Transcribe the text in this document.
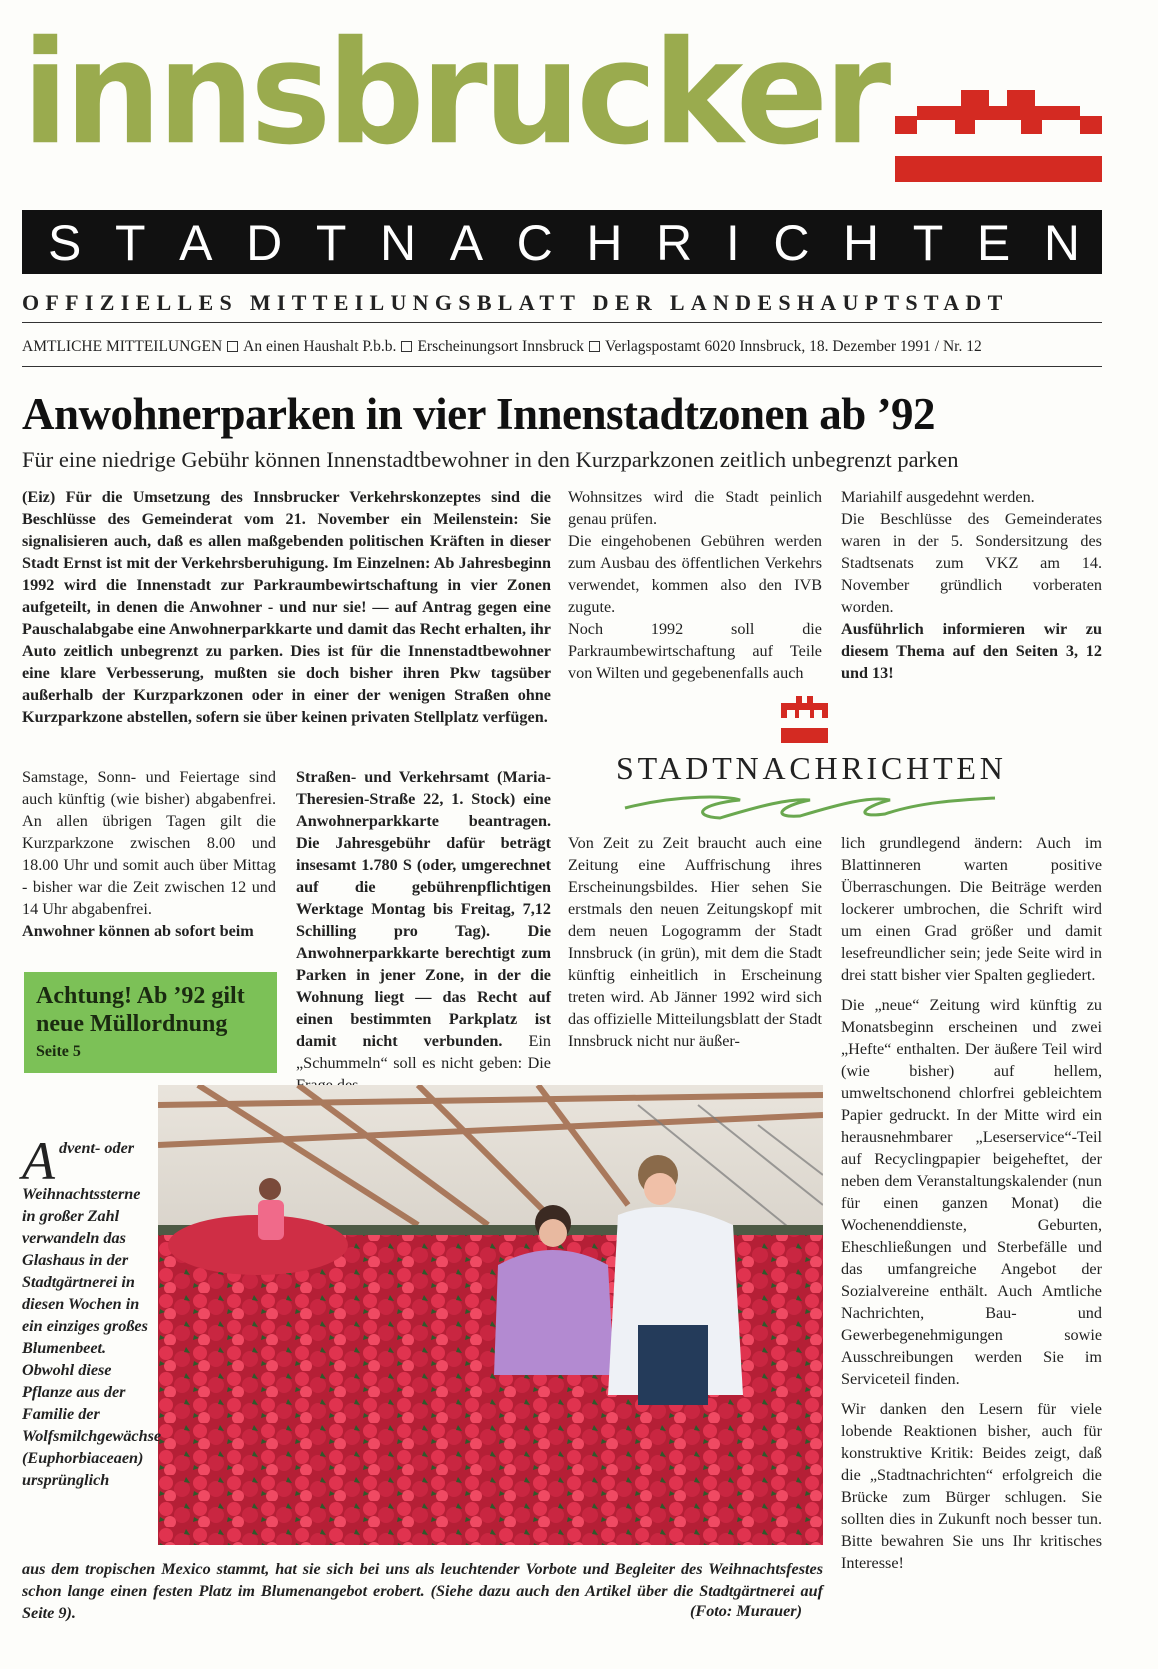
innsbrucker
S T A D T N A C H R I C H T E N
OFFIZIELLES MITTEILUNGSBLATT DER LANDESHAUPTSTADT
AMTLICHE MITTEILUNGEN An einen Haushalt P.b.b. Erscheinungsort Innsbruck Verlagspostamt 6020 Innsbruck, 18. Dezember 1991 / Nr. 12
Anwohnerparken in vier Innenstadtzonen ab ’92
Für eine niedrige Gebühr können Innenstadtbewohner in den Kurzparkzonen zeitlich unbegrenzt parken
(Eiz) Für die Umsetzung des Innsbrucker Verkehrskonzeptes sind die Beschlüsse des Gemeinderat vom 21. November ein Meilenstein: Sie signalisieren auch, daß es allen maßgebenden politischen Kräften in dieser Stadt Ernst ist mit der Verkehrsberuhigung. Im Einzelnen: Ab Jahresbeginn 1992 wird die Innenstadt zur Parkraumbewirtschaftung in vier Zonen aufgeteilt, in denen die Anwohner - und nur sie! — auf Antrag gegen eine Pauschalabgabe eine Anwohnerparkkarte und damit das Recht erhalten, ihr Auto zeitlich unbegrenzt zu parken. Dies ist für die Innenstadtbewohner eine klare Verbesserung, mußten sie doch bisher ihren Pkw tagsüber außerhalb der Kurzparkzonen oder in einer der wenigen Straßen ohne Kurzparkzone abstellen, sofern sie über keinen privaten Stellplatz verfügen.

Wohnsitzes wird die Stadt peinlich genau prüfen.

Die eingehobenen Gebühren werden zum Ausbau des öffentlichen Verkehrs verwendet, kommen also den IVB zugute.

Noch 1992 soll die Parkraumbewirtschaftung auf Teile von Wilten und gegebenenfalls auch

Mariahilf ausgedehnt werden.

Die Beschlüsse des Gemeinderates waren in der 5. Sondersitzung des Stadtsenats zum VKZ am 14. November gründlich vorberaten worden.

Ausführlich informieren wir zu diesem Thema auf den Seiten 3, 12 und 13!

Samstage, Sonn- und Feiertage sind auch künftig (wie bisher) abgabenfrei. An allen übrigen Tagen gilt die Kurzparkzone zwischen 8.00 und 18.00 Uhr und somit auch über Mittag - bisher war die Zeit zwischen 12 und 14 Uhr abgabenfrei.

Anwohner können ab sofort beim

Straßen- und Verkehrsamt (Maria-Theresien-Straße 22, 1. Stock) eine Anwohnerparkkarte beantragen. Die Jahresgebühr dafür beträgt insesamt 1.780 S (oder, umgerechnet auf die gebührenpflichtigen Werktage Montag bis Freitag, 7,12 Schilling pro Tag). Die Anwohnerparkkarte berechtigt zum Parken in jener Zone, in der die Wohnung liegt — das Recht auf einen bestimmten Parkplatz ist damit nicht verbunden. Ein „Schummeln“ soll es nicht geben: Die
Achtung! Ab ’92 gilt neue Müllordnung
Seite 5
STADTNACHRICHTEN
Von Zeit zu Zeit braucht auch eine Zeitung eine Auffrischung ihres Erscheinungsbildes. Hier sehen Sie erstmals den neuen Zeitungskopf mit dem neuen Logogramm der Stadt Innsbruck (in grün), mit dem die Stadt künftig einheitlich in Erscheinung treten wird. Ab Jänner 1992 wird sich das offizielle Mitteilungsblatt der Stadt Innsbruck nicht nur äußer-

lich grundlegend ändern: Auch im Blattinneren warten positive Überraschungen. Die Beiträge werden lockerer umbrochen, die Schrift wird um einen Grad größer und damit lesefreundlicher sein; jede Seite wird in drei statt bisher vier Spalten gegliedert.

Die „neue“ Zeitung wird künftig zu Monatsbeginn erscheinen und zwei „Hefte“ enthalten. Der äußere Teil wird (wie bisher) auf hellem, umweltschonend chlorfrei gebleichtem Papier gedruckt. In der Mitte wird ein herausnehmbarer „Leserservice“-Teil auf Recyclingpapier beigeheftet, der neben dem Veranstaltungskalender (nun für einen ganzen Monat) die Wochenenddienste, Geburten, Eheschließungen und Sterbefälle und das umfangreiche Angebot der Sozialvereine enthält. Auch Amtliche Nachrichten, Bau- und Gewerbegenehmigungen sowie Ausschreibungen werden Sie im Serviceteil finden.

Wir danken den Lesern für viele lobende Reaktionen bisher, auch für konstruktive Kritik: Beides zeigt, daß die „Stadtnachrichten“ erfolgreich die Brücke zum Bürger schlugen. Sie sollten dies in Zukunft noch besser tun. Bitte bewahren Sie uns Ihr kritisches Interesse!

A dvent- oder Weihnachtssterne in großer Zahl verwandeln das Glashaus in der Stadtgärtnerei in diesen Wochen in ein einziges großes Blumenbeet. Obwohl diese Pflanze aus der Familie der Wolfsmilchgewächse (Euphorbiaceaen) ursprünglich
aus dem tropischen Mexico stammt, hat sie sich bei uns als leuchtender Vorbote und Begleiter des Weihnachtsfestes schon lange einen festen Platz im Blumenangebot erobert. (Siehe dazu auch den Artikel über die Stadtgärtnerei auf Seite 9).	(Foto: Murauer)
